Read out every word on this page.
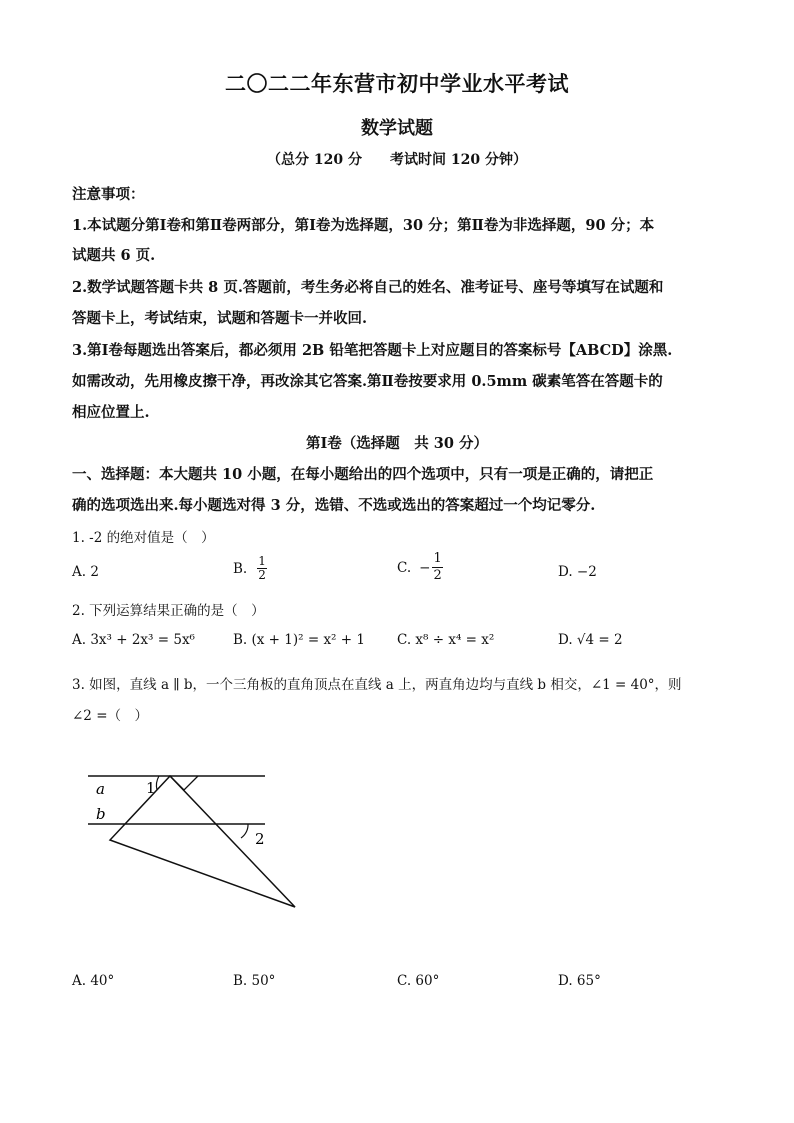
二〇二二年东营市初中学业水平考试
数学试题
（总分 120 分　　考试时间 120 分钟）
注意事项：
1.本试题分第Ⅰ卷和第Ⅱ卷两部分，第Ⅰ卷为选择题，30 分；第Ⅱ卷为非选择题，90 分；本
试题共 6 页.
2.数学试题答题卡共 8 页.答题前，考生务必将自己的姓名、准考证号、座号等填写在试题和
答题卡上，考试结束，试题和答题卡一并收回.
3.第Ⅰ卷每题选出答案后，都必须用 2B 铅笔把答题卡上对应题目的答案标号【ABCD】涂黑.
如需改动，先用橡皮擦干净，再改涂其它答案.第Ⅱ卷按要求用 0.5mm 碳素笔答在答题卡的
相应位置上.
第Ⅰ卷（选择题　共 30 分）
一、选择题：本大题共 10 小题，在每小题给出的四个选项中，只有一项是正确的，请把正
确的选项选出来.每小题选对得 3 分，选错、不选或选出的答案超过一个均记零分.
1. -2 的绝对值是（　）
A. 2	B. $\frac{1}{2}$	C. − $\frac{1}{2}$	D. −2
2. 下列运算结果正确的是（　）
A. 3x³ + 2x³ = 5x⁶	B. (x + 1)² = x² + 1 C. x⁸ ÷ x⁴ = x²	D. √4 = 2
3. 如图，直线 a ∥ b，一个三角板的直角顶点在直线 a 上，两直角边均与直线 b 相交，∠1 = 40°，则
∠2 =（　）
a
b
1
2
A. 40°	B. 50°	C. 60°	D. 65°
